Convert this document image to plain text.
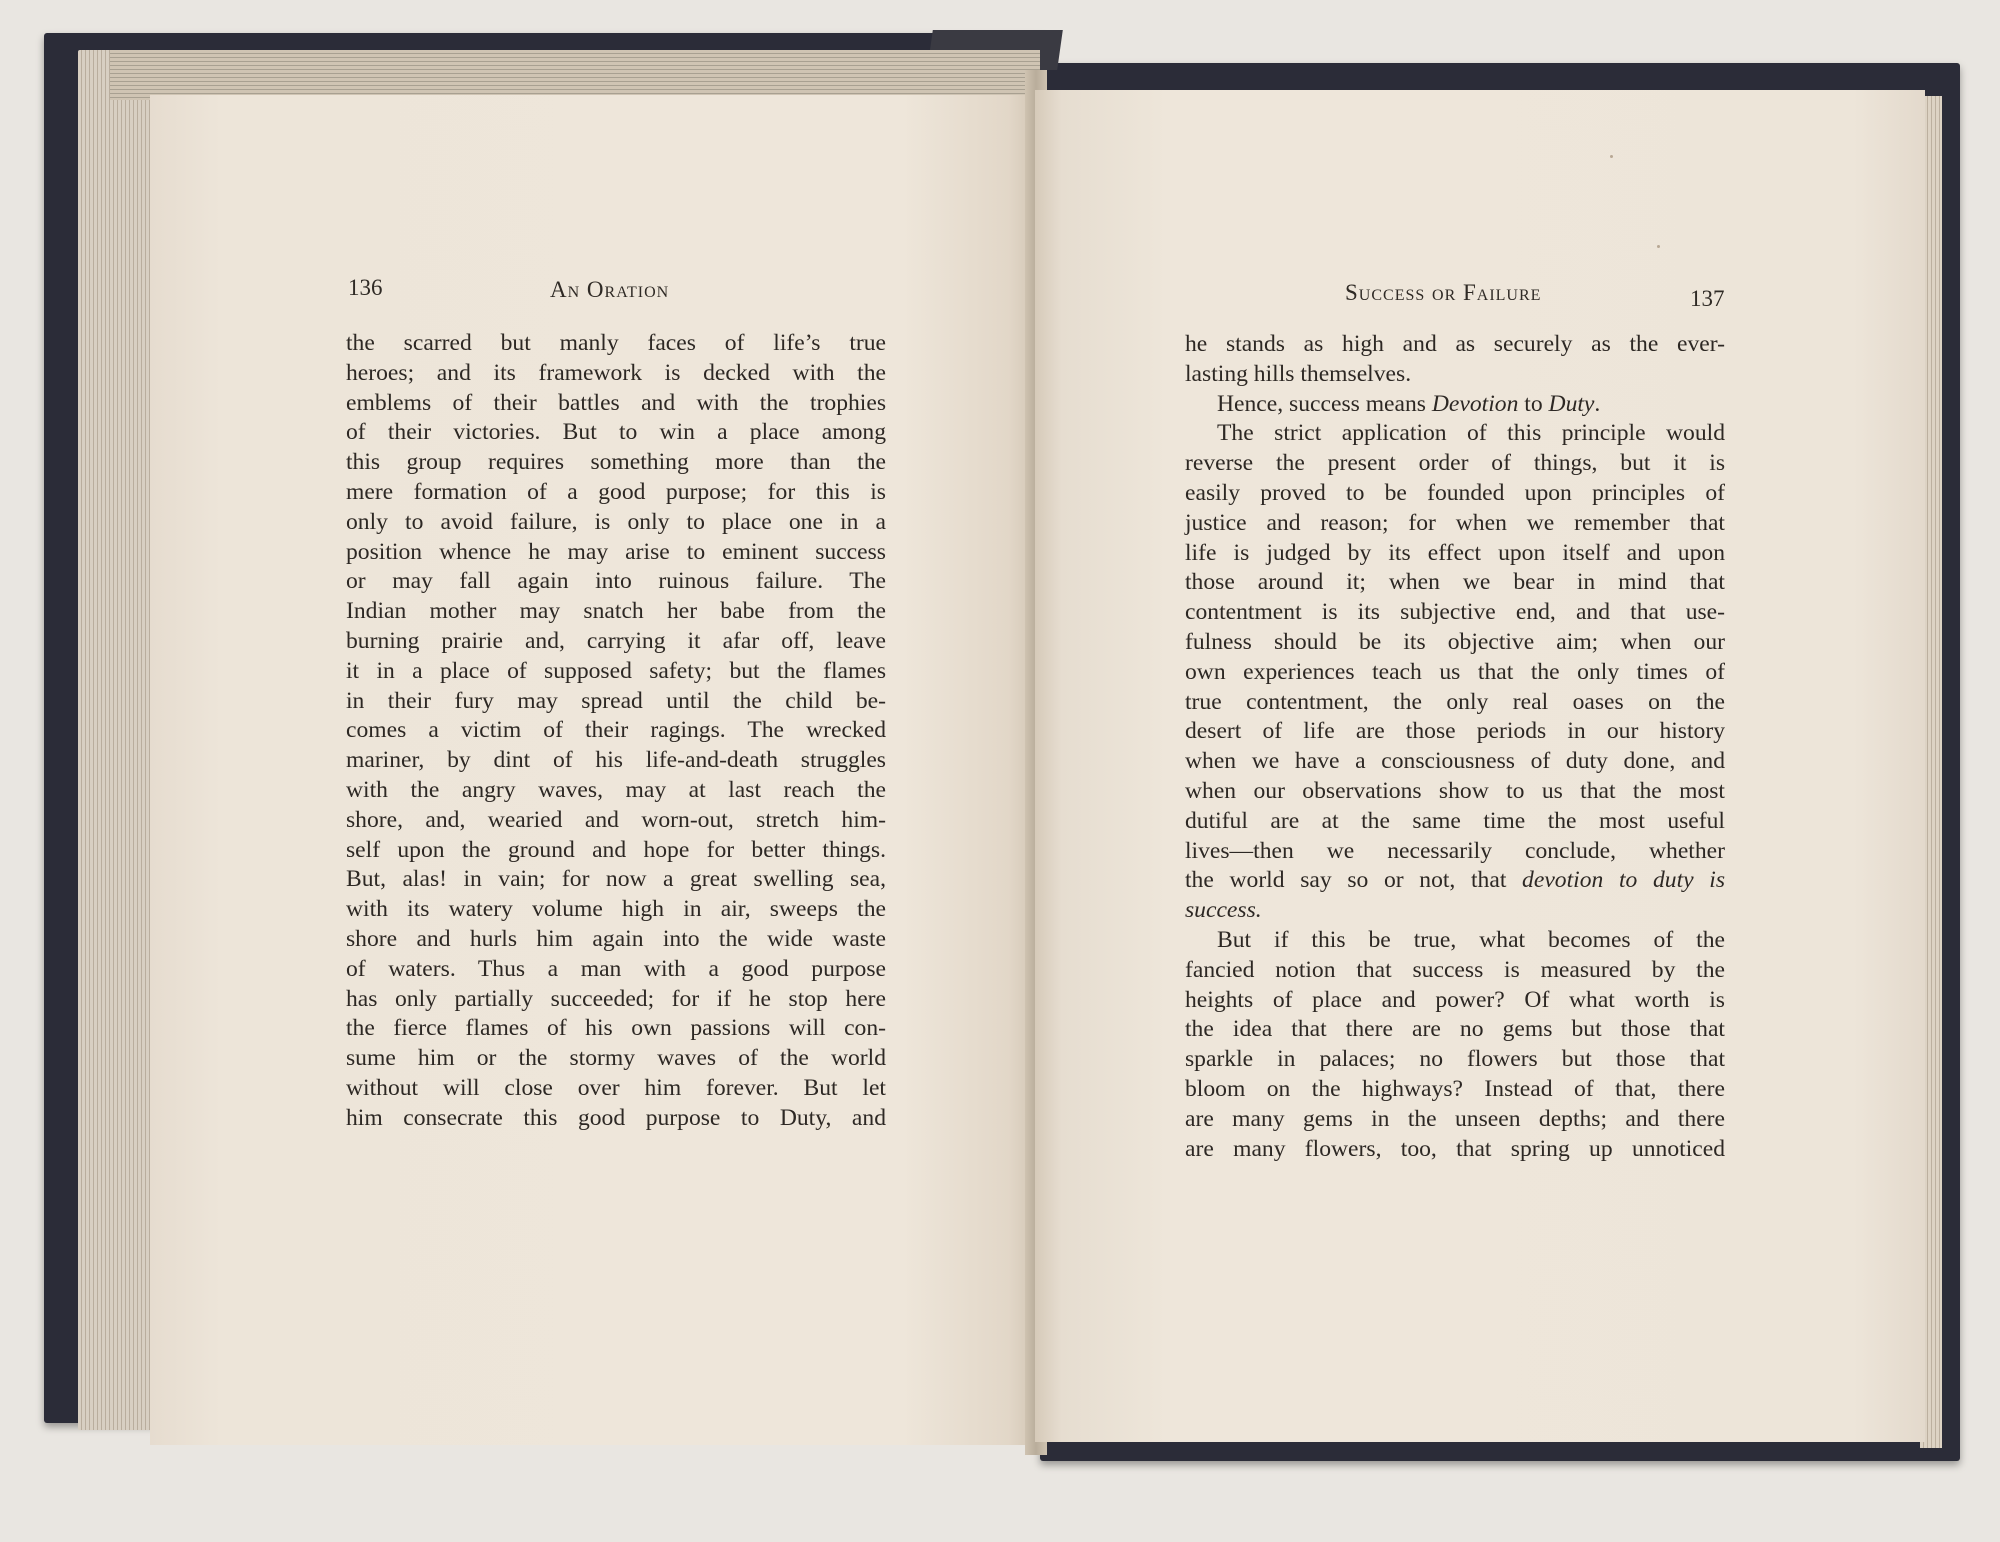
136	An Oration
the scarred but manly faces of life’s true
heroes; and its framework is decked with the
emblems of their battles and with the trophies
of their victories. But to win a place among
this group requires something more than the
mere formation of a good purpose; for this is
only to avoid failure, is only to place one in a
position whence he may arise to eminent success
or may fall again into ruinous failure. The
Indian mother may snatch her babe from the
burning prairie and, carrying it afar off, leave
it in a place of supposed safety; but the flames
in their fury may spread until the child be-
comes a victim of their ragings. The wrecked
mariner, by dint of his life-and-death struggles
with the angry waves, may at last reach the
shore, and, wearied and worn-out, stretch him-
self upon the ground and hope for better things.
But, alas! in vain; for now a great swelling sea,
with its watery volume high in air, sweeps the
shore and hurls him again into the wide waste
of waters. Thus a man with a good purpose
has only partially succeeded; for if he stop here
the fierce flames of his own passions will con-
sume him or the stormy waves of the world
without will close over him forever. But let
him consecrate this good purpose to Duty, and
Success or Failure	137
he stands as high and as securely as the ever-
lasting hills themselves.
Hence, success means Devotion to Duty.
The strict application of this principle would
reverse the present order of things, but it is
easily proved to be founded upon principles of
justice and reason; for when we remember that
life is judged by its effect upon itself and upon
those around it; when we bear in mind that
contentment is its subjective end, and that use-
fulness should be its objective aim; when our
own experiences teach us that the only times of
true contentment, the only real oases on the
desert of life are those periods in our history
when we have a consciousness of duty done, and
when our observations show to us that the most
dutiful are at the same time the most useful
lives—then we necessarily conclude, whether
the world say so or not, that devotion to duty is
success.
But if this be true, what becomes of the
fancied notion that success is measured by the
heights of place and power? Of what worth is
the idea that there are no gems but those that
sparkle in palaces; no flowers but those that
bloom on the highways? Instead of that, there
are many gems in the unseen depths; and there
are many flowers, too, that spring up unnoticed
